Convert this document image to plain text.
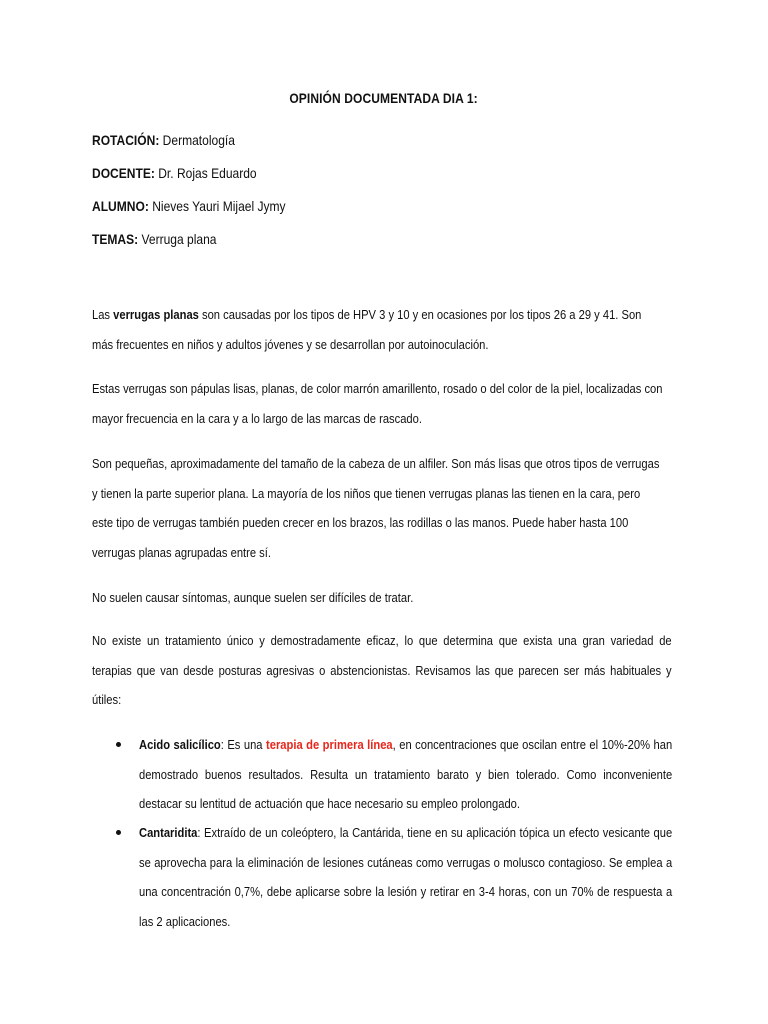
OPINIÓN DOCUMENTADA DIA 1:
ROTACIÓN: Dermatología
DOCENTE: Dr. Rojas Eduardo
ALUMNO: Nieves Yauri Mijael Jymy
TEMAS: Verruga plana
Las verrugas planas son causadas por los tipos de HPV 3 y 10 y en ocasiones por los tipos 26 a 29 y 41. Son
más frecuentes en niños y adultos jóvenes y se desarrollan por autoinoculación.
Estas verrugas son pápulas lisas, planas, de color marrón amarillento, rosado o del color de la piel, localizadas con
mayor frecuencia en la cara y a lo largo de las marcas de rascado.
Son pequeñas, aproximadamente del tamaño de la cabeza de un alfiler. Son más lisas que otros tipos de verrugas
y tienen la parte superior plana. La mayoría de los niños que tienen verrugas planas las tienen en la cara, pero
este tipo de verrugas también pueden crecer en los brazos, las rodillas o las manos. Puede haber hasta 100
verrugas planas agrupadas entre sí.
No suelen causar síntomas, aunque suelen ser difíciles de tratar.
No existe un tratamiento único y demostradamente eficaz, lo que determina que exista una gran variedad de terapias que van desde posturas agresivas o abstencionistas. Revisamos las que parecen ser más habituales y útiles:
Acido salicílico: Es una terapia de primera línea, en concentraciones que oscilan entre el 10%-20% han demostrado buenos resultados. Resulta un tratamiento barato y bien tolerado. Como inconveniente destacar su lentitud de actuación que hace necesario su empleo prolongado.
Cantaridita: Extraído de un coleóptero, la Cantárida, tiene en su aplicación tópica un efecto vesicante que se aprovecha para la eliminación de lesiones cutáneas como verrugas o molusco contagioso. Se emplea a una concentración 0,7%, debe aplicarse sobre la lesión y retirar en 3-4 horas, con un 70% de respuesta a las 2 aplicaciones.
